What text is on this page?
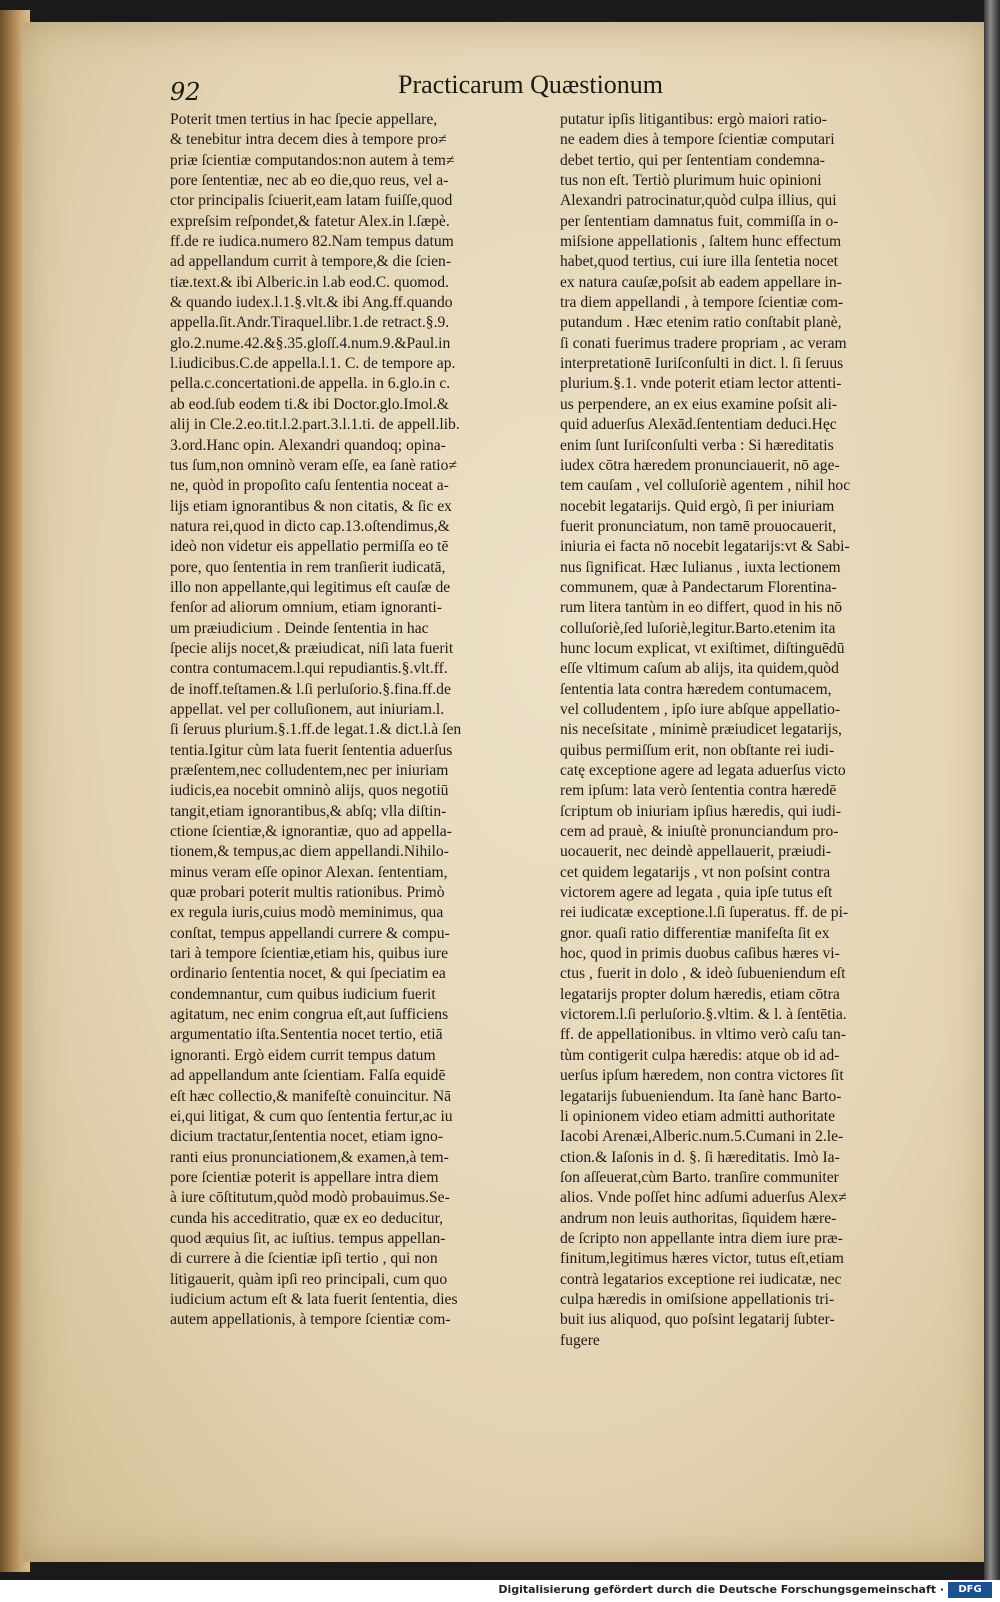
92	Practicarum Quæstionum
Poterit tmen tertius in hac ſpecie appellare,
& tenebitur intra decem dies à tempore pro≠
priæ ſcientiæ computandos:non autem à tem≠
pore ſententiæ, nec ab eo die,quo reus, vel a-
ctor principalis ſciuerit,eam latam fuiſſe,quod
expreſsim reſpondet,& fatetur Alex.in l.ſæpè.
ff.de re iudica.numero 82.Nam tempus datum
ad appellandum currit à tempore,& die ſcien-
tiæ.text.& ibi Alberic.in l.ab eod.C. quomod.
& quando iudex.l.1.§.vlt.& ibi Ang.ff.quando
appella.ſit.Andr.Tiraquel.libr.1.de retract.§.9.
glo.2.nume.42.&§.35.gloſſ.4.num.9.&Paul.in
l.iudicibus.C.de appella.l.1. C. de tempore ap.
pella.c.concertationi.de appella. in 6.glo.in c.
ab eod.ſub eodem ti.& ibi Doctor.glo.Imol.&
alij in Cle.2.eo.tit.l.2.part.3.l.1.ti. de appell.lib.
3.ord.Hanc opin. Alexandri quandoq; opina-
tus ſum,non omninò veram eſſe, ea ſanè ratio≠
ne, quòd in propoſito caſu ſententia noceat a-
lijs etiam ignorantibus & non citatis, & ſic ex
natura rei,quod in dicto cap.13.oſtendimus,&
ideò non videtur eis appellatio permiſſa eo tē
pore, quo ſententia in rem tranſierit iudicatā,
illo non appellante,qui legitimus eſt cauſæ de
fenſor ad aliorum omnium, etiam ignoranti-
um præiudicium . Deinde ſententia in hac
ſpecie alijs nocet,& præiudicat, niſi lata fuerit
contra contumacem.l.qui repudiantis.§.vlt.ff.
de inoff.teſtamen.& l.ſi perluſorio.§.fina.ff.de
appellat. vel per colluſionem, aut iniuriam.l.
ſi ſeruus plurium.§.1.ff.de legat.1.& dict.l.à ſen
tentia.Igitur cùm lata fuerit ſententia aduerſus
præſentem,nec colludentem,nec per iniuriam
iudicis,ea nocebit omninò alijs, quos negotiū
tangit,etiam ignorantibus,& abſq; vlla diſtin-
ctione ſcientiæ,& ignorantiæ, quo ad appella-
tionem,& tempus,ac diem appellandi.Nihilo-
minus veram eſſe opinor Alexan. ſententiam,
quæ probari poterit multis rationibus. Primò
ex regula iuris,cuius modò meminimus, qua
conſtat, tempus appellandi currere & compu-
tari à tempore ſcientiæ,etiam his, quibus iure
ordinario ſententia nocet, & qui ſpeciatim ea
condemnantur, cum quibus iudicium fuerit
agitatum, nec enim congrua eſt,aut ſufficiens
argumentatio iſta.Sententia nocet tertio, etiā
ignoranti. Ergò eidem currit tempus datum
ad appellandum ante ſcientiam. Falſa equidē
eſt hæc collectio,& manifeſtè conuincitur. Nā
ei,qui litigat, & cum quo ſententia fertur,ac iu
dicium tractatur,ſententia nocet, etiam igno-
ranti eius pronunciationem,& examen,à tem-
pore ſcientiæ poterit is appellare intra diem
à iure cōſtitutum,quòd modò probauimus.Se-
cunda his acceditratio, quæ ex eo deducitur,
quod æquius ſit, ac iuſtius. tempus appellan-
di currere à die ſcientiæ ipſi tertio , qui non
litigauerit, quàm ipſi reo principali, cum quo
iudicium actum eſt & lata fuerit ſententia, dies
autem appellationis, à tempore ſcientiæ com-
putatur ipſis litigantibus: ergò maiori ratio-
ne eadem dies à tempore ſcientiæ computari
debet tertio, qui per ſententiam condemna-
tus non eſt. Tertiò plurimum huic opinioni
Alexandri patrocinatur,quòd culpa illius, qui
per ſententiam damnatus fuit, commiſſa in o-
miſsione appellationis , ſaltem hunc effectum
habet,quod tertius, cui iure illa ſentetia nocet
ex natura cauſæ,poſsit ab eadem appellare in-
tra diem appellandi , à tempore ſcientiæ com-
putandum . Hæc etenim ratio conſtabit planè,
ſi conati fuerimus tradere propriam , ac veram
interpretationē Iuriſconſulti in dict. l. ſi ſeruus
plurium.§.1. vnde poterit etiam lector attenti-
us perpendere, an ex eius examine poſsit ali-
quid aduerſus Alexād.ſententiam deduci.Hęc
enim ſunt Iuriſconſulti verba : Si hæreditatis
iudex cōtra hæredem pronunciauerit, nō age-
tem cauſam , vel colluſoriè agentem , nihil hoc
nocebit legatarijs. Quid ergò, ſi per iniuriam
fuerit pronunciatum, non tamē prouocauerit,
iniuria ei facta nō nocebit legatarijs:vt & Sabi-
nus ſignificat. Hæc Iulianus , iuxta lectionem
communem, quæ à Pandectarum Florentina-
rum litera tantùm in eo differt, quod in his nō
colluſoriè,ſed luſoriè,legitur.Barto.etenim ita
hunc locum explicat, vt exiſtimet, diſtinguēdū
eſſe vltimum caſum ab alijs, ita quidem,quòd
ſententia lata contra hæredem contumacem,
vel colludentem , ipſo iure abſque appellatio-
nis neceſsitate , minimè præiudicet legatarijs,
quibus permiſſum erit, non obſtante rei iudi-
catę exceptione agere ad legata aduerſus victo
rem ipſum: lata verò ſententia contra hæredē
ſcriptum ob iniuriam ipſius hæredis, qui iudi-
cem ad prauè, & iniuſtè pronunciandum pro-
uocauerit, nec deindè appellauerit, præiudi-
cet quidem legatarijs , vt non poſsint contra
victorem agere ad legata , quia ipſe tutus eſt
rei iudicatæ exceptione.l.ſi ſuperatus. ff. de pi-
gnor. quaſi ratio differentiæ manifeſta ſit ex
hoc, quod in primis duobus caſibus hæres vi-
ctus , fuerit in dolo , & ideò ſubueniendum eſt
legatarijs propter dolum hæredis, etiam cōtra
victorem.l.ſi perluſorio.§.vltim. & l. à ſentētia.
ff. de appellationibus. in vltimo verò caſu tan-
tùm contigerit culpa hæredis: atque ob id ad-
uerſus ipſum hæredem, non contra victores ſit
legatarijs ſubueniendum. Ita ſanè hanc Barto-
li opinionem video etiam admitti authoritate
Iacobi Arenæi,Alberic.num.5.Cumani in 2.le-
ction.& Iaſonis in d. §. ſi hæreditatis. Imò Ia-
ſon aſſeuerat,cùm Barto. tranſire communiter
alios. Vnde poſſet hinc adſumi aduerſus Alex≠
andrum non leuis authoritas, ſiquidem hære-
de ſcripto non appellante intra diem iure præ-
finitum,legitimus hæres victor, tutus eſt,etiam
contrà legatarios exceptione rei iudicatæ, nec
culpa hæredis in omiſsione appellationis tri-
buit ius aliquod, quo poſsint legatarij ſubter-
fugere
Digitalisierung gefördert durch die Deutsche Forschungsgemeinschaft ·	DFG
